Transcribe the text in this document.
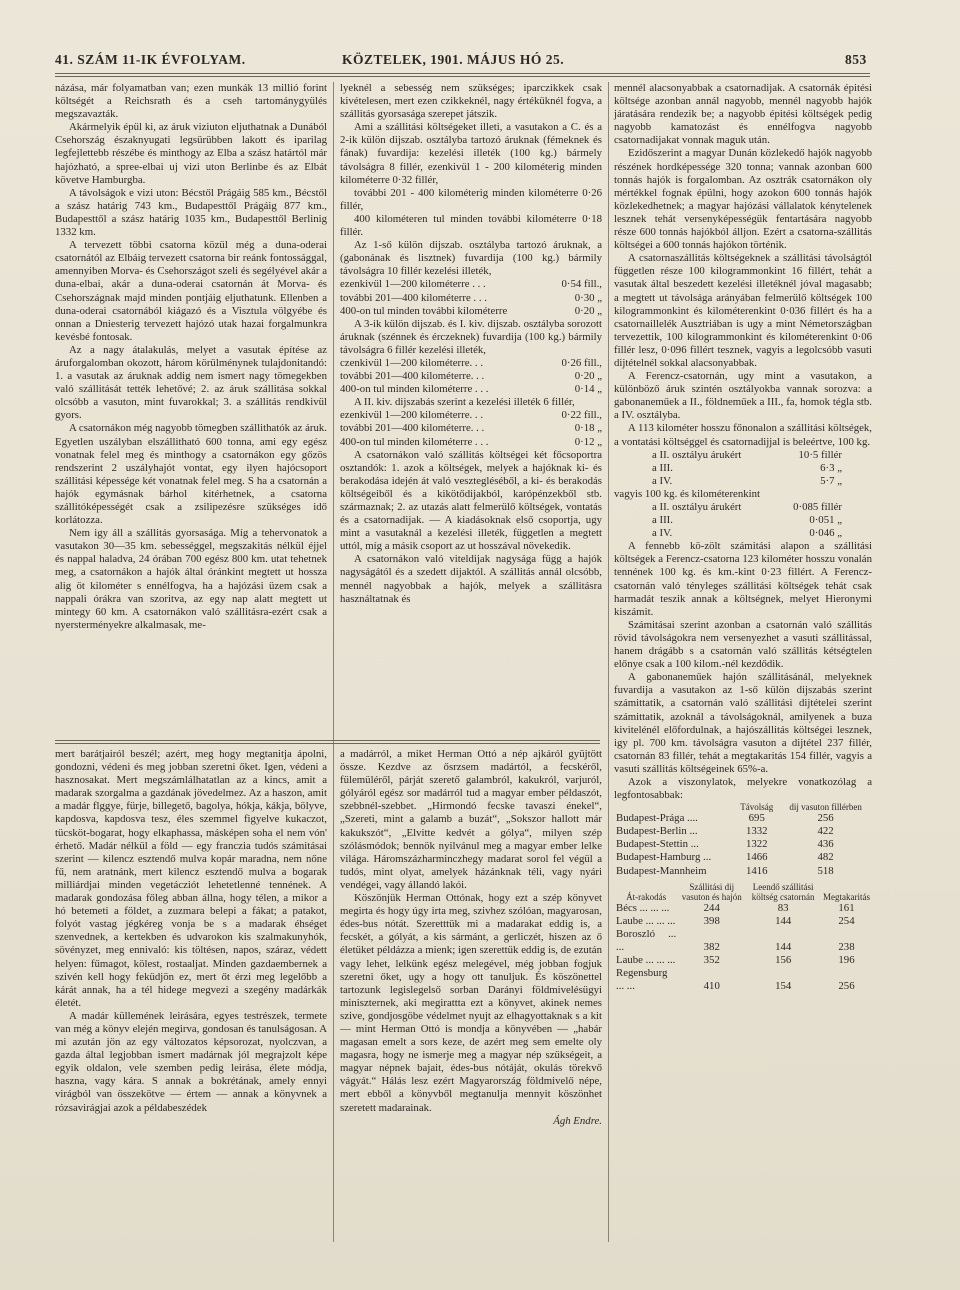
41. SZÁM 11-IK ÉVFOLYAM.	KÖZTELEK, 1901. MÁJUS HÓ 25.	853

názása, már folyamatban van; ezen munkák 13 millió forint költségét a Reichsrath és a cseh tartománygyülés megszavazták.

Akármelyik épül ki, az áruk viziuton eljuthatnak a Dunából Csehország északnyugati legsürübben lakott és iparilag legfejlettebb részébe és minthogy az Elba a szász határtól már hajózható, a spree-elbai uj vizi uton Berlinbe és az Elbát követve Hamburgba.

A távolságok e vizi uton: Bécstől Prágáig 585 km., Bécstől a szász határig 743 km., Budapesttől Prágáig 877 km., Budapesttől a szász határig 1035 km., Budapesttől Berlinig 1332 km.

A tervezett többi csatorna közül még a duna-oderai csatornától az Elbáig tervezett csatorna bir reánk fontossággal, amennyiben Morva- és Csehországot szeli és segélyével akár a duna-elbai, akár a duna-oderai csatornán át Morva- és Csehországnak majd minden pontjáig eljuthatunk. Ellenben a duna-oderai csatornából kiágazó és a Visztula völgyébe és onnan a Dniesterig tervezett hajózó utak hazai forgalmunkra kevésbé fontosak.

Az a nagy átalakulás, melyet a vasutak építése az áruforgalomban okozott, három körülménynek tulajdonitandó: 1. a vasutak az áruknak addig nem ismert nagy tömegekben való szállitását tették lehetővé; 2. az áruk szállitása sokkal olcsóbb a vasuton, mint fuvarokkal; 3. a szállitás rendkivül gyors.

A csatornákon még nagyobb tömegben szállithatók az áruk. Egyetlen uszályban elszállitható 600 tonna, ami egy egész vonatnak felel meg és minthogy a csatornákon egy gőzös rendszerint 2 uszályhajót vontat, egy ilyen hajócsoport szállitási képessége két vonatnak felel meg. S ha a csatornán a hajók egymásnak bárhol kitérhetnek, a csatorna szállitóképességét csak a zsilipezésre szükséges idő korlátozza.

Nem igy áll a szállitás gyorsasága. Míg a tehervonatok a vasutakon 30—35 km. sebességgel, megszakitás nélkül éjjel és nappal haladva, 24 órában 700 egész 800 km. utat tehetnek meg, a csatornákon a hajók által óránkint megtett ut hossza alig öt kilométer s ennélfogva, ha a hajózási üzem csak a nappali órákra van szoritva, az egy nap alatt megtett ut mintegy 60 km. A csatornákon való szállitásra-ezért csak a nyersterményekre alkalmasak, me-

mert barátjairól beszél; azért, meg hogy megtanitja ápolni, gondozni, védeni és meg jobban szeretni őket. Igen, védeni a hasznosakat. Mert megszámlálhatatlan az a kincs, amit a madarak szorgalma a gazdának jövedelmez. Az a haszon, amit a madár flggye, fürje, billegető, bagolya, hókja, kákja, bölyve, kapdosva, kapdosva tesz, éles szemmel figyelve kukaczot, tücsköt-bogarat, hogy elkaphassa, másképen soha el nem vón' érhető. Madár nélkül a föld — egy franczia tudós számitásai szerint — kilencz esztendő mulva kopár maradna, nem nőne fű, nem aratnánk, mert kilencz esztendő mulva a bogarak milliárdjai minden vegetácziót lehetetlenné tennének. A madarak gondozása főleg abban állna, hogy télen, a mikor a hó betemeti a földet, a zuzmara belepi a fákat; a patakot, folyót vastag jégkéreg vonja be s a madarak éhséget szenvednek, a kertekben és udvarokon kis szalmakunyhók, sövényzet, meg ennivaló: kis töltésen, napos, száraz, védett helyen: fűmagot, kölest, rostaaljat. Minden gazdaembernek a szivén kell hogy feküdjön ez, mert őt érzi meg legelőbb a kárát annak, ha a tél hidege megvezi a szegény madárkák életét.

A madár küllemének leirására, egyes testrészek, termete van még a könyv elején megirva, gondosan és tanulságosan. A mi azután jön az egy változatos képsorozat, nyolczvan, a gazda által legjobban ismert madárnak jól megrajzolt képe egyik oldalon, vele szemben pedig leirása, élete módja, haszna, vagy kára. S annak a bokrétának, amely ennyi virágból van összekötve — értem — annak a könyvnek a rózsavirágjai azok a példabeszédek

lyeknél a sebesség nem szükséges; iparczikkek csak kivételesen, mert ezen czikkeknél, nagy értéküknél fogva, a szállitás gyorsasága szerepet játszik.

Ami a szállitási költségeket illeti, a vasutakon a C. és a 2-ik külön dijszab. osztályba tartozó áruknak (fémeknek és fának) fuvardija: kezelési illeték (100 kg.) bármely távolságra 8 fillér, ezenkivül 1 - 200 kilométerig minden kilométerre 0·32 fillér,

további 201 - 400 kilométerig minden kilométerre 0·26 fillér,

400 kilométeren tul minden további kilométerre 0·18 fillér.

Az 1-ső külön dijszab. osztályba tartozó áruknak, a (gabonának és lisztnek) fuvardija (100 kg.) bármily távolságra 10 fillér kezelési illeték,

ezenkivül 1—200 kilométerre . . .	0·54 fill.,
további 201—400 kilométerre . . .	0·30 „
400-on tul minden további kilométerre	0·20 „

A 3-ik külön dijszab. és I. kiv. dijszab. osztályba sorozott áruknak (szénnek és érczeknek) fuvardija (100 kg.) bármily távolságra 6 fillér kezelési illeték,

czenkivül 1—200 kilométerre. . .	0·26 fill.,
további 201—400 kilométerre. . .	0·20 „
400-on tul minden kilométerre . . .	0·14 „

A II. kiv. dijszabás szerint a kezelési illeték 6 fillér,

ezenkivül 1—200 kilométerre. . .	0·22 fill.,
további 201—400 kilométerre. . .	0·18 „
400-on tul minden kilométerre . . .	0·12 „

A csatornákon való szállitás költségei két főcsoportra osztandók: 1. azok a költségek, melyek a hajóknak ki- és berakodása idején át való vesztegléséből, a ki- és berakodás költségeiből és a kikötődijakból, karópénzekből stb. származnak; 2. az utazás alatt felmerülő költségek, vontatás és a csatornadijak. — A kiadásoknak első csoportja, ugy mint a vasutaknál a kezelési illeték, független a megtett uttól, míg a másik csoport az ut hosszával növekedik.

A csatornákon való viteldijak nagysága függ a hajók nagyságától és a szedett dijaktól. A szállitás annál olcsóbb, mennél nagyobbak a hajók, melyek a szállitásra használtatnak és

a madárról, a miket Herman Ottó a nép ajkáról gyüjtött össze. Kezdve az ősrzsem madártól, a fecskéről, fülemüléről, párját szerető galambról, kakukról, varjuról, gólyáról egész sor madárról tud a magyar ember példaszót, szebbnél-szebbet. „Hirmondó fecske tavaszi énekel“, „Szereti, mint a galamb a buzát“, „Sokszor hallott már kakukszót“, „Elvitte kedvét a gólya“, milyen szép szólásmódok; bennök nyilvánul meg a magyar ember lelke világa. Háromszázharminczhegy madarat sorol fel végül a tudós, mint olyat, amelyek házánknak téli, vagy nyári vendégei, vagy állandó lakói.

Köszönjük Herman Ottónak, hogy ezt a szép könyvet megirta és hogy úgy irta meg, szivhez szólóan, magyarosan, édes-bus nótát. Szeretttük mi a madarakat eddig is, a fecskét, a gólyát, a kis sármánt, a gerliczét, hiszen az ő életüket példázza a mienk; igen szerettük eddig is, de ezután vagy lehet, lelkünk egész melegével, még jobban fogjuk szeretni őket, ugy a hogy ott tanuljuk. És köszönettel tartozunk legislegelső sorban Darányi földmivelésügyi miniszternek, aki megirattta ezt a könyvet, akinek nemes szive, gondjosgöbe védelmet nyujt az elhagyottaknak s a kit — mint Herman Ottó is mondja a könyvében — „habár magasan emelt a sors keze, de azért meg sem emelte oly magasra, hogy ne ismerje meg a magyar nép szükségeit, a magyar népnek bajait, édes-bus nótáját, okulás törekvő vágyát.“ Hálás lesz ezért Magyarország földmivelő népe, mert ebből a könyvből megtanulja mennyit köszönhet szeretett madarainak.

Ágh Endre.

mennél alacsonyabbak a csatornadijak. A csatornák épitési költsége azonban annál nagyobb, mennél nagyobb hajók járatására rendezik be; a nagyobb épitési költségek pedig nagyobb kamatozást és ennélfogva nagyobb csatornadijakat vonnak maguk után.

Ezidőszerint a magyar Dunán közlekedő hajók nagyobb részének hordképessége 320 tonna; vannak azonban 600 tonnás hajók is forgalomban. Az osztrák csatornákon oly mértékkel fognak épülni, hogy azokon 600 tonnás hajók közlekedhetnek; a magyar hajózási vállalatok kénytelenek lesznek tehát versenyképességük fentartására nagyobb része 600 tonnás hajókból álljon. Ezért a csatorna-szállitás költségei a 600 tonnás hajókon történik.

A csatornaszállitás költségeknek a szállitási távolságtól független része 100 kilogrammonkint 16 fillért, tehát a vasutak által beszedett kezelési illetéknél jóval magasabb; a megtett ut távolsága arányában felmerülő költségek 100 kilogrammonkint és kilométerenkint 0·036 fillért és ha a csatornaillelék Ausztriában is ugy a mint Németországban tervezettik, 100 kilogrammonkint és kilométerenkint 0·06 fillér lesz, 0·096 fillért tesznek, vagyis a legolcsóbb vasuti dijtételnél sokkal alacsonyabbak.

A Ferencz-csatornán, ugy mint a vasutakon, a különböző áruk szintén osztályokba vannak sorozva: a gabonaneműek a II., földneműek a III., fa, homok tégla stb. a IV. osztályba.

A 113 kilométer hosszu főnonalon a szállitási költségek, a vontatási költséggel és csatornadijjal is beleértve, 100 kg.

a II. osztályu árukért	10·5 fillér
a III.	6·3 „
a IV.	5·7 „

vagyis 100 kg. és kilométerenkint

a II. osztályu árukért	0·085 fillér
a III.	0·051 „
a IV.	0·046 „

A fennebb kö-zölt számitási alapon a szállitási költségek a Ferencz-csatorna 123 kilométer hosszu vonalán tennének 100 kg. és km.-kint 0·23 fillért. A Ferencz-csatornán való tényleges szállitási költségek tehát csak harmadát teszik annak a költségnek, melyet Hieronymi kiszámit.

Számitásai szerint azonban a csatornán való szállitás rövid távolságokra nem versenyezhet a vasuti szállitással, hanem drágább s a csatornán való szállitás kétségtelen előnye csak a 100 kilom.-nél kezdődik.

A gabonaneműek hajón szállitásánál, melyeknek fuvardija a vasutakon az 1-ső külön dijszabás szerint számittatik, a csatornán való szállitási dijtételei szerint számittatik, azoknál a távolságoknál, amilyenek a buza kivitelénél előfordulnak, a hajószállitás költségei lesznek, igy pl. 700 km. távolságra vasuton a dijtétel 237 fillér, csatornán 83 fillér, tehát a megtakaritás 154 fillér, vagyis a vasuti szállitás költségeinek 65%-a.

Azok a viszonylatok, melyekre vonatkozólag a legfontosabbak:

	Távolság	dij vasuton fillérben
Budapest-Prága ....	695	256
Budapest-Berlin ...	1332	422
Budapest-Stettin ...	1322	436
Budapest-Hamburg ...	1466	482
Budapest-Mannheim	1416	518
Át-rakodás	Szállitási dij vasuton és hajón	Leendő szállitási költség csatornán	Megtakaritás
Bécs ... ... ...	244	83	161
Laube ... ... ...	398	144	254
Boroszló ... ...	382	144	238
Laube ... ... ...	352	156	196
Regensburg ... ...	410	154	256
